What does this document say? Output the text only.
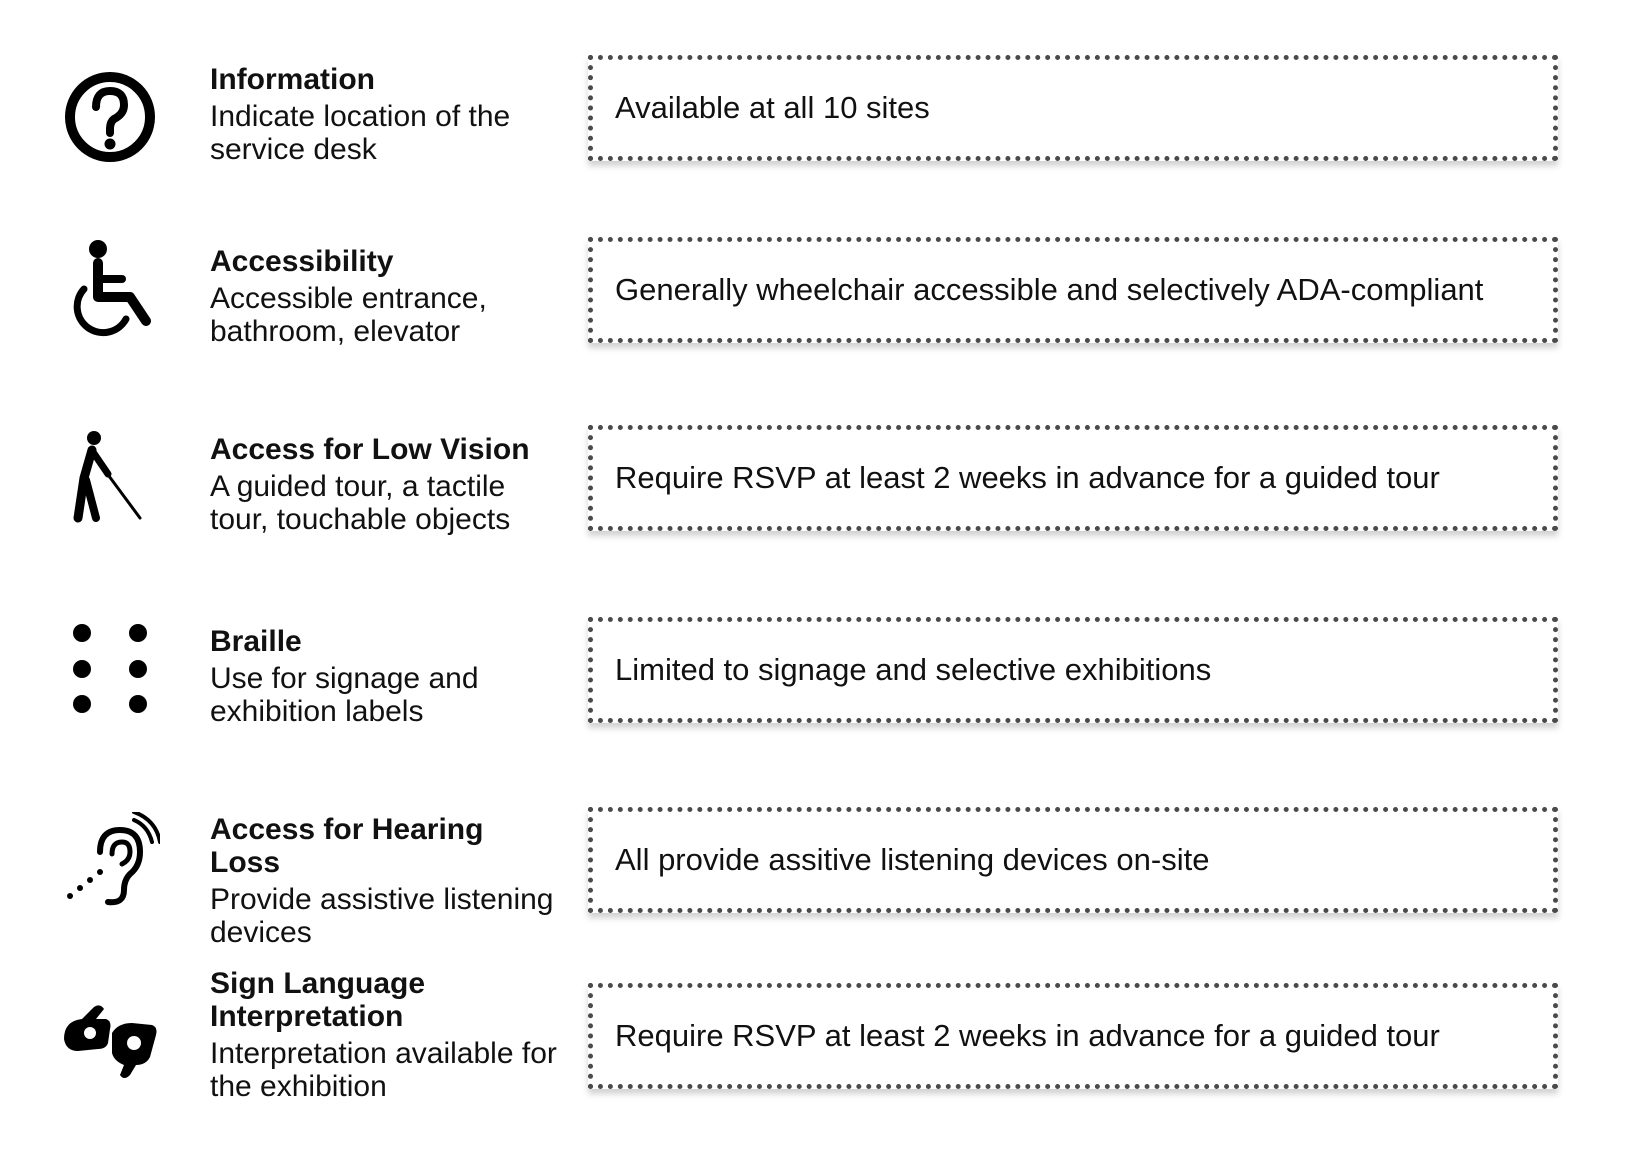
Information
Indicate location of the service desk
Available at all 10 sites
Accessibility
Accessible entrance, bathroom, elevator
Generally wheelchair accessible and selectively ADA-compliant
Access for Low Vision
A guided tour, a tactile tour, touchable objects
Require RSVP at least 2 weeks in advance for a guided tour
Braille
Use for signage and exhibition labels
Limited to signage and selective exhibitions
Access for Hearing Loss
Provide assistive listening devices
All provide assitive listening devices on-site
Sign Language Interpretation
Interpretation available for the exhibition
Require RSVP at least 2 weeks in advance for a guided tour
